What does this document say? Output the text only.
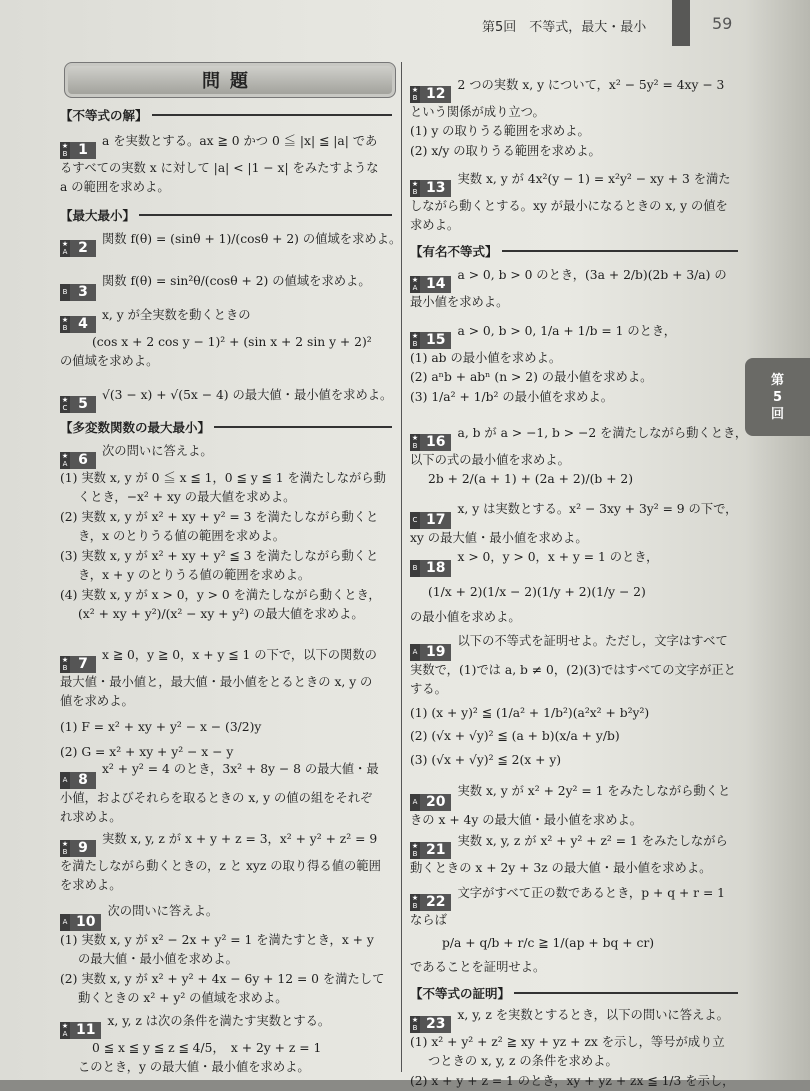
第5回　不等式，最大・最小	59
問題
第
5
回
【不等式の解】
【最大最小】
【多変数関数の最大最小】
【有名不等式】
【不等式の証明】
★
B 1
a を実数とする。ax ≧ 0 かつ 0 ≦ |x| ≦ |a| であ
るすべての実数 x に対して |a| < |1 − x| をみたすような
a の範囲を求めよ。
★
A 2
関数 f(θ) = (sinθ + 1)/(cosθ + 2) の値域を求めよ。
B 3
関数 f(θ) = sin²θ/(cosθ + 2) の値域を求めよ。
★
B 4
x, y が全実数を動くときの
(cos x + 2 cos y − 1)² + (sin x + 2 sin y + 2)²
の値域を求めよ。
★
C 5
√(3 − x) + √(5x − 4) の最大値・最小値を求めよ。
★
A 6
次の問いに答えよ。
(1) 実数 x, y が 0 ≦ x ≦ 1，0 ≦ y ≦ 1 を満たしながら動
くとき，−x² + xy の最大値を求めよ。
(2) 実数 x, y が x² + xy + y² = 3 を満たしながら動くと
き，x のとりうる値の範囲を求めよ。
(3) 実数 x, y が x² + xy + y² ≦ 3 を満たしながら動くと
き，x + y のとりうる値の範囲を求めよ。
(4) 実数 x, y が x > 0，y > 0 を満たしながら動くとき，
(x² + xy + y²)/(x² − xy + y²) の最大値を求めよ。
★
B 7
x ≧ 0，y ≧ 0，x + y ≦ 1 の下で，以下の関数の
最大値・最小値と，最大値・最小値をとるときの x, y の
値を求めよ。
(1) F = x² + xy + y² − x − (3/2)y
(2) G = x² + xy + y² − x − y
A 8
x² + y² = 4 のとき，3x² + 8y − 8 の最大値・最
小値，およびそれらを取るときの x, y の値の組をそれぞ
れ求めよ。
★
B 9
実数 x, y, z が x + y + z = 3，x² + y² + z² = 9
を満たしながら動くときの，z と xyz の取り得る値の範囲
を求めよ。
A 10
次の問いに答えよ。
(1) 実数 x, y が x² − 2x + y² = 1 を満たすとき，x + y
の最大値・最小値を求めよ。
(2) 実数 x, y が x² + y² + 4x − 6y + 12 = 0 を満たして
動くときの x² + y² の値域を求めよ。
★
A 11
x, y, z は次の条件を満たす実数とする。
0 ≦ x ≦ y ≦ z ≦ 4/5，　x + 2y + z = 1
このとき，y の最大値・最小値を求めよ。
★
B 12
2 つの実数 x, y について，x² − 5y² = 4xy − 3
という関係が成り立つ。
(1) y の取りうる範囲を求めよ。
(2) x/y の取りうる範囲を求めよ。
★
B 13
実数 x, y が 4x²(y − 1) = x²y² − xy + 3 を満た
しながら動くとする。xy が最小になるときの x, y の値を
求めよ。
★
A 14
a > 0, b > 0 のとき，(3a + 2/b)(2b + 3/a) の
最小値を求めよ。
★
B 15
a > 0, b > 0, 1/a + 1/b = 1 のとき，
(1) ab の最小値を求めよ。
(2) aⁿb + abⁿ (n > 2) の最小値を求めよ。
(3) 1/a² + 1/b² の最小値を求めよ。
★
B 16
a, b が a > −1, b > −2 を満たしながら動くとき，
以下の式の最小値を求めよ。
2b + 2/(a + 1) + (2a + 2)/(b + 2)
C 17
x, y は実数とする。x² − 3xy + 3y² = 9 の下で，
xy の最大値・最小値を求めよ。
B 18
x > 0，y > 0，x + y = 1 のとき，
(1/x + 2)(1/x − 2)(1/y + 2)(1/y − 2)
の最小値を求めよ。
A 19
以下の不等式を証明せよ。ただし，文字はすべて
実数で，(1)では a, b ≠ 0，(2)(3)ではすべての文字が正と
する。
(1) (x + y)² ≦ (1/a² + 1/b²)(a²x² + b²y²)
(2) (√x + √y)² ≦ (a + b)(x/a + y/b)
(3) (√x + √y)² ≦ 2(x + y)
A 20
実数 x, y が x² + 2y² = 1 をみたしながら動くと
きの x + 4y の最大値・最小値を求めよ。
★
B 21
実数 x, y, z が x² + y² + z² = 1 をみたしながら
動くときの x + 2y + 3z の最大値・最小値を求めよ。
★
B 22
文字がすべて正の数であるとき，p + q + r = 1
ならば
p/a + q/b + r/c ≧ 1/(ap + bq + cr)
であることを証明せよ。
★
B 23
x, y, z を実数とするとき，以下の問いに答えよ。
(1) x² + y² + z² ≧ xy + yz + zx を示し，等号が成り立
つときの x, y, z の条件を求めよ。
(2) x + y + z = 1 のとき，xy + yz + zx ≦ 1/3 を示し，
